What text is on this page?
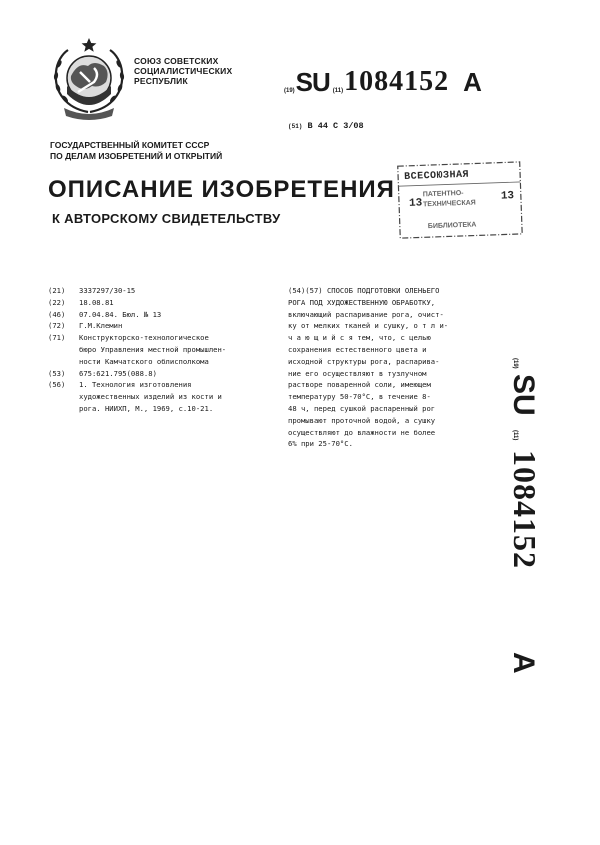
СОЮЗ СОВЕТСКИХ
СОЦИАЛИСТИЧЕСКИХ
РЕСПУБЛИК
(19) SU (11) 1084152 A
(51) В 44 С 3/08
ГОСУДАРСТВЕННЫЙ КОМИТЕТ СССР
ПО ДЕЛАМ ИЗОБРЕТЕНИЙ И ОТКРЫТИЙ
ОПИСАНИЕ ИЗОБРЕТЕНИЯ
К АВТОРСКОМУ СВИДЕТЕЛЬСТВУ
ВСЕСОЮЗНАЯ
ПАТЕНТНО-
ТЕХНИЧЕСКАЯ
БИБЛИОТЕКА
13
13
(21)	3337297/30-15
(22)	18.08.81
(46)	07.04.84. Бюл. № 13
(72)	Г.М.Клемин
(71)	Конструкторско-технологическое
бюро Управления местной промышлен-
ности Камчатского облисполкома
(53)	675:621.795(088.8)
(56)	1. Технология изготовления
художественных изделий из кости и
рога. НИИХП, М., 1969, с.10-21.
(54)(57) СПОСОБ ПОДГОТОВКИ ОЛЕНЬЕГО
РОГА ПОД ХУДОЖЕСТВЕННУЮ ОБРАБОТКУ,
включающий распаривание рога, очист-
ку от мелких тканей и сушку, о т л и-
ч а ю щ и й с я тем, что, с целью
сохранения естественного цвета и
исходной структуры рога, распарива-
ние его осуществляют в тузлучном
растворе поваренной соли, имеющем
температуру 50-70°С, в течение 8-
48 ч, перед сушкой распаренный рог
промывают проточной водой, а сушку
осуществляют до влажности не более
6% при 25-70°С.
(19)
SU
(11)
1084152
A
